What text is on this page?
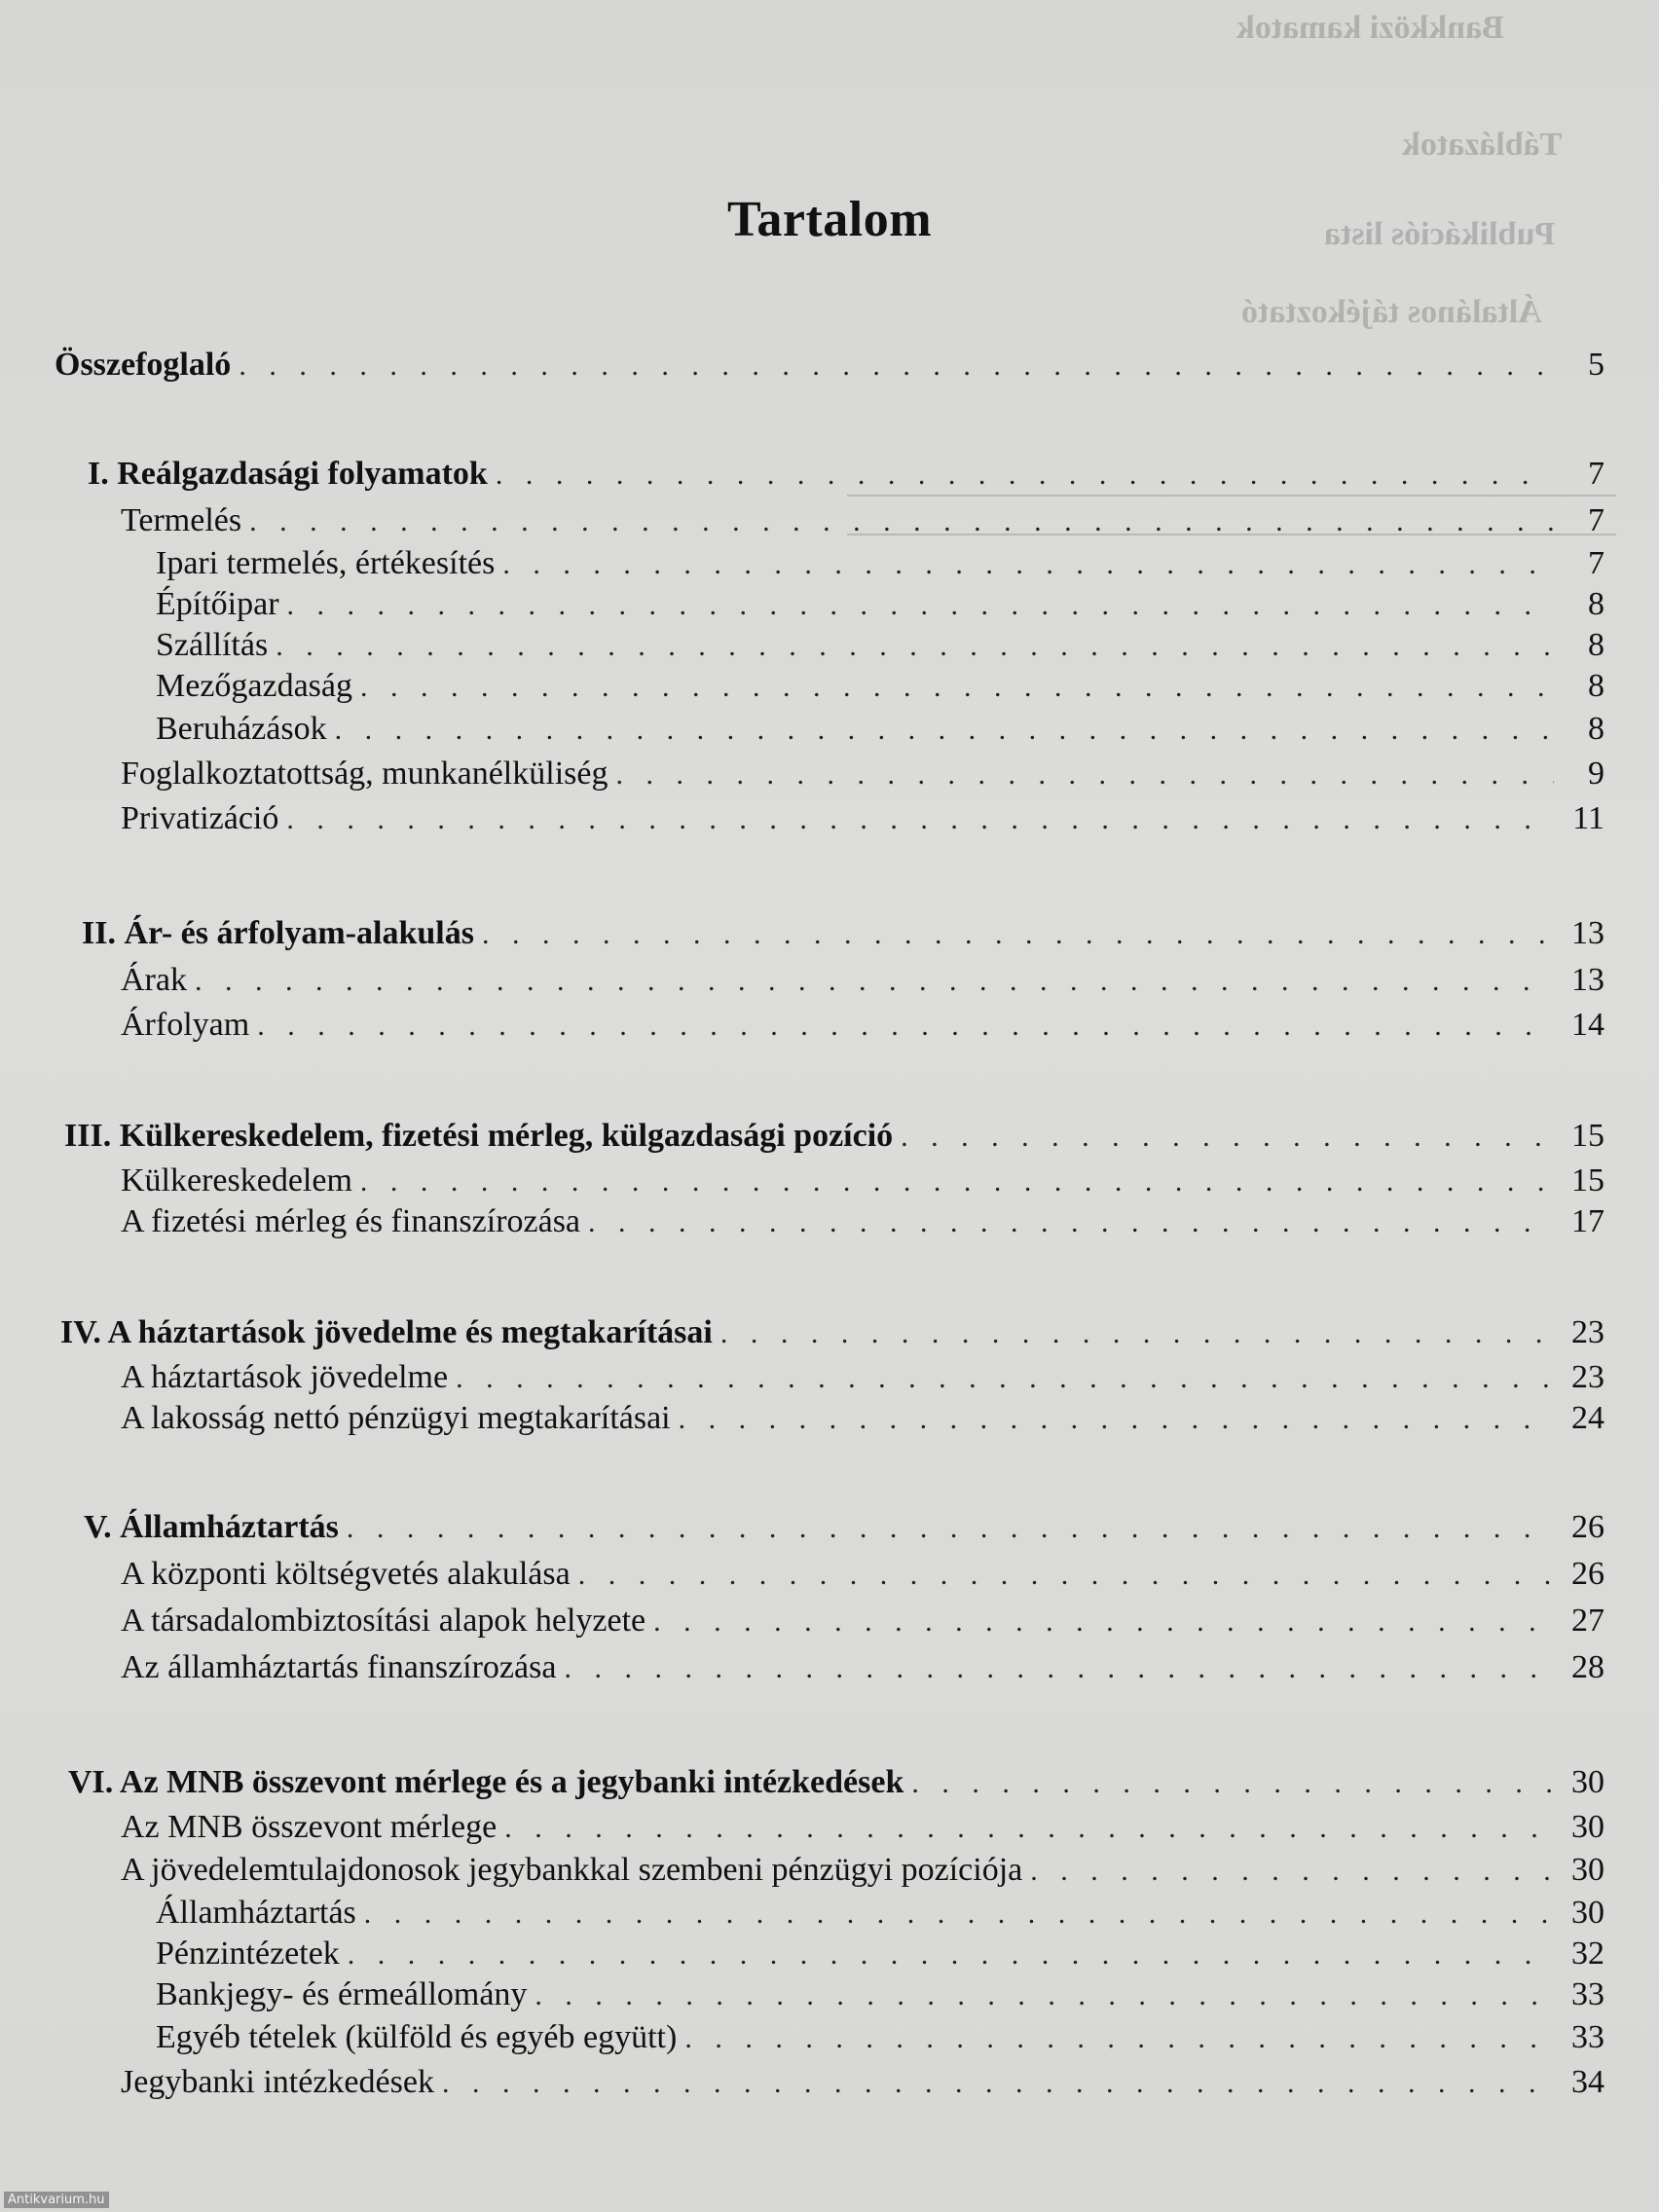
Bankközi kamatok
Táblázatok
Publikációs lista
Általános tájékoztató
Tartalom
Összefoglaló . . .	5
I. Reálgazdasági folyamatok . . .	7
Termelés . . .	7
Ipari termelés, értékesítés . . .	7
Építőipar . . .	8
Szállítás . . .	8
Mezőgazdaság . . .	8
Beruházások . . .	8
Foglalkoztatottság, munkanélküliség . . .	9
Privatizáció . . .	11
II. Ár- és árfolyam-alakulás . . .	13
Árak . . .	13
Árfolyam . . .	14
III. Külkereskedelem, fizetési mérleg, külgazdasági pozíció . . .	15
Külkereskedelem . . .	15
A fizetési mérleg és finanszírozása . . .	17
IV. A háztartások jövedelme és megtakarításai . . .	23
A háztartások jövedelme . . .	23
A lakosság nettó pénzügyi megtakarításai . . .	24
V. Államháztartás . . .	26
A központi költségvetés alakulása . . .	26
A társadalombiztosítási alapok helyzete . . .	27
Az államháztartás finanszírozása . . .	28
VI. Az MNB összevont mérlege és a jegybanki intézkedések . . .	30
Az MNB összevont mérlege . . .	30
A jövedelemtulajdonosok jegybankkal szembeni pénzügyi pozíciója . . .	30
Államháztartás . . .	30
Pénzintézetek . . .	32
Bankjegy- és érmeállomány . . .	33
Egyéb tételek (külföld és egyéb együtt) . . .	33
Jegybanki intézkedések . . .	34
Antikvarium.hu
